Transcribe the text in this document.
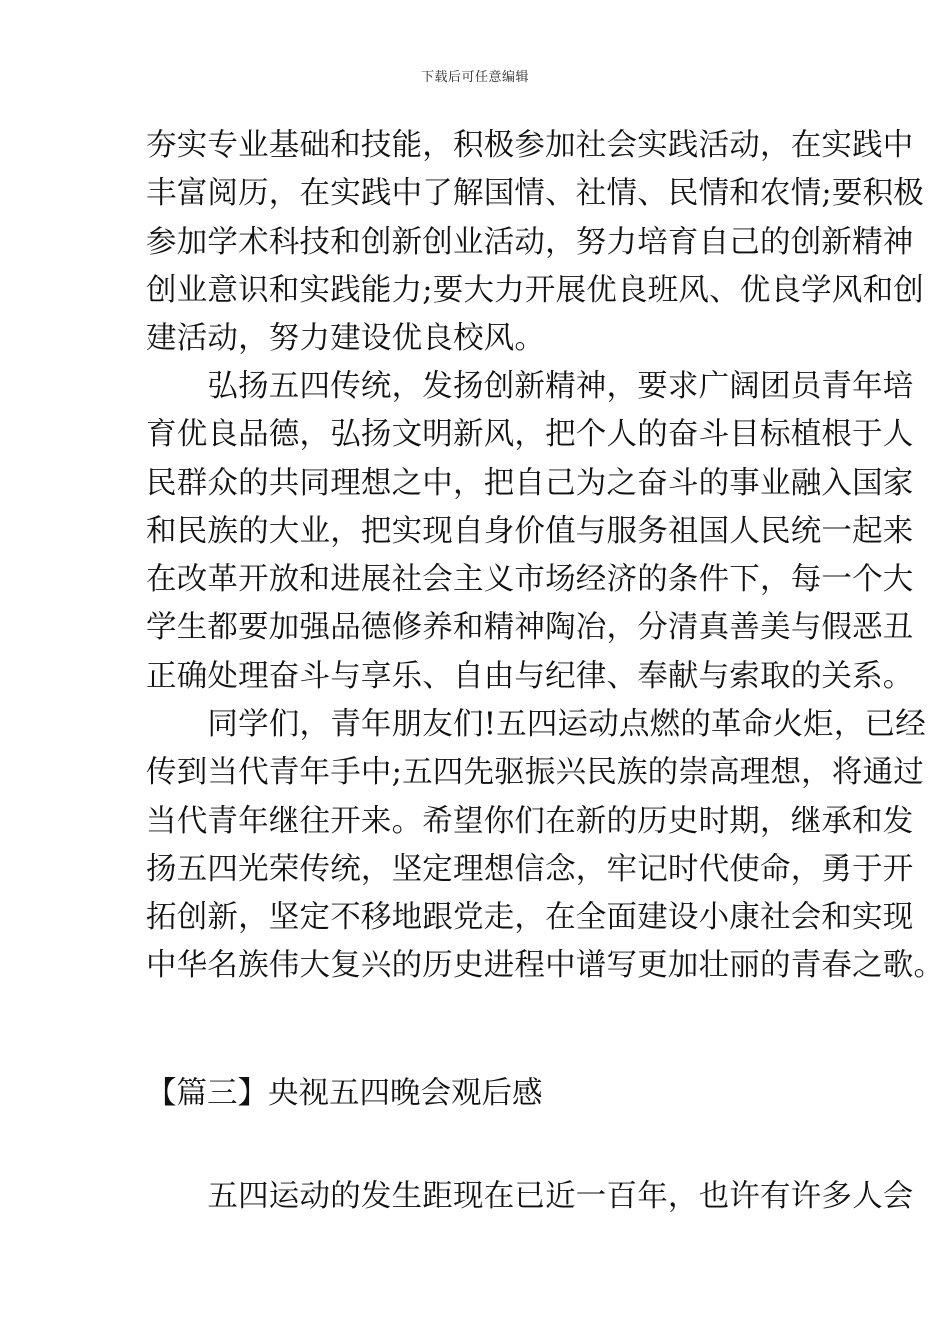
下载后可任意编辑

夯实专业基础和技能，积极参加社会实践活动，在实践中
丰富阅历，在实践中了解国情、社情、民情和农情;要积极
参加学术科技和创新创业活动，努力培育自己的创新精神
创业意识和实践能力;要大力开展优良班风、优良学风和创
建活动，努力建设优良校风。

　　弘扬五四传统，发扬创新精神，要求广阔团员青年培
育优良品德，弘扬文明新风，把个人的奋斗目标植根于人
民群众的共同理想之中，把自己为之奋斗的事业融入国家
和民族的大业，把实现自身价值与服务祖国人民统一起来
在改革开放和进展社会主义市场经济的条件下，每一个大
学生都要加强品德修养和精神陶冶，分清真善美与假恶丑
正确处理奋斗与享乐、自由与纪律、奉献与索取的关系。

　　同学们，青年朋友们!五四运动点燃的革命火炬，已经
传到当代青年手中;五四先驱振兴民族的崇高理想，将通过
当代青年继往开来。希望你们在新的历史时期，继承和发
扬五四光荣传统，坚定理想信念，牢记时代使命，勇于开
拓创新，坚定不移地跟党走，在全面建设小康社会和实现
中华名族伟大复兴的历史进程中谱写更加壮丽的青春之歌。

【篇三】央视五四晚会观后感

　　五四运动的发生距现在已近一百年，也许有许多人会
